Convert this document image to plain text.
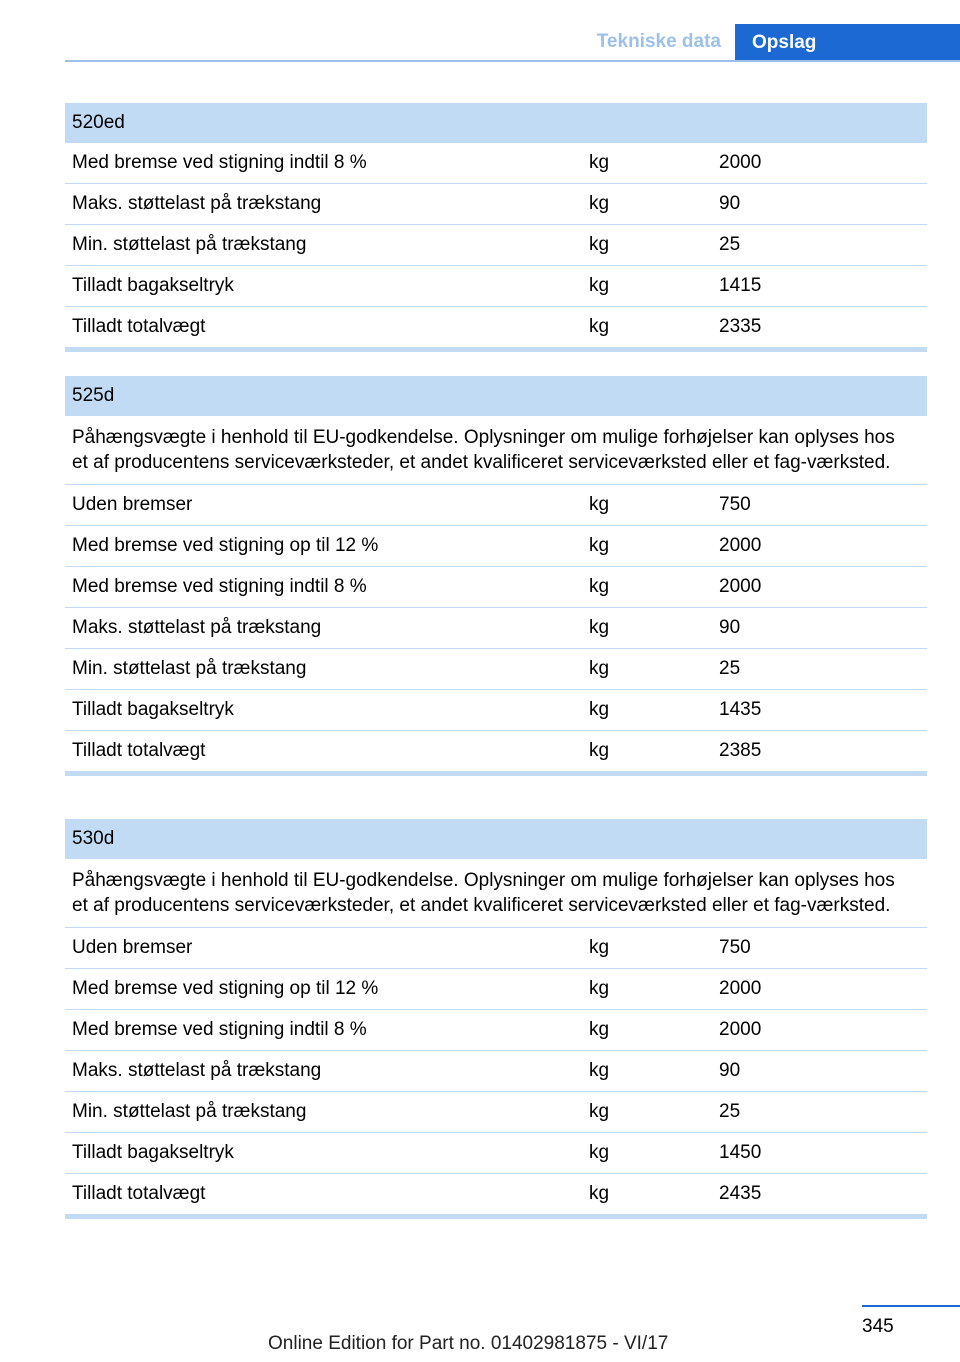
Tekniske data	Opslag
520ed
Med bremse ved stigning indtil 8 %	kg	2000
Maks. støttelast på trækstang	kg	90
Min. støttelast på trækstang	kg	25
Tilladt bagakseltryk	kg	1415
Tilladt totalvægt	kg	2335
525d
Påhængsvægte i henhold til EU-godkendelse. Oplysninger om mulige forhøjelser kan oplyses hos et af producentens serviceværksteder, et andet kvalificeret serviceværksted eller et fag-værksted.
Uden bremser	kg	750
Med bremse ved stigning op til 12 %	kg	2000
Med bremse ved stigning indtil 8 %	kg	2000
Maks. støttelast på trækstang	kg	90
Min. støttelast på trækstang	kg	25
Tilladt bagakseltryk	kg	1435
Tilladt totalvægt	kg	2385
530d
Påhængsvægte i henhold til EU-godkendelse. Oplysninger om mulige forhøjelser kan oplyses hos et af producentens serviceværksteder, et andet kvalificeret serviceværksted eller et fag-værksted.
Uden bremser	kg	750
Med bremse ved stigning op til 12 %	kg	2000
Med bremse ved stigning indtil 8 %	kg	2000
Maks. støttelast på trækstang	kg	90
Min. støttelast på trækstang	kg	25
Tilladt bagakseltryk	kg	1450
Tilladt totalvægt	kg	2435
345
Online Edition for Part no. 01402981875 - VI/17
